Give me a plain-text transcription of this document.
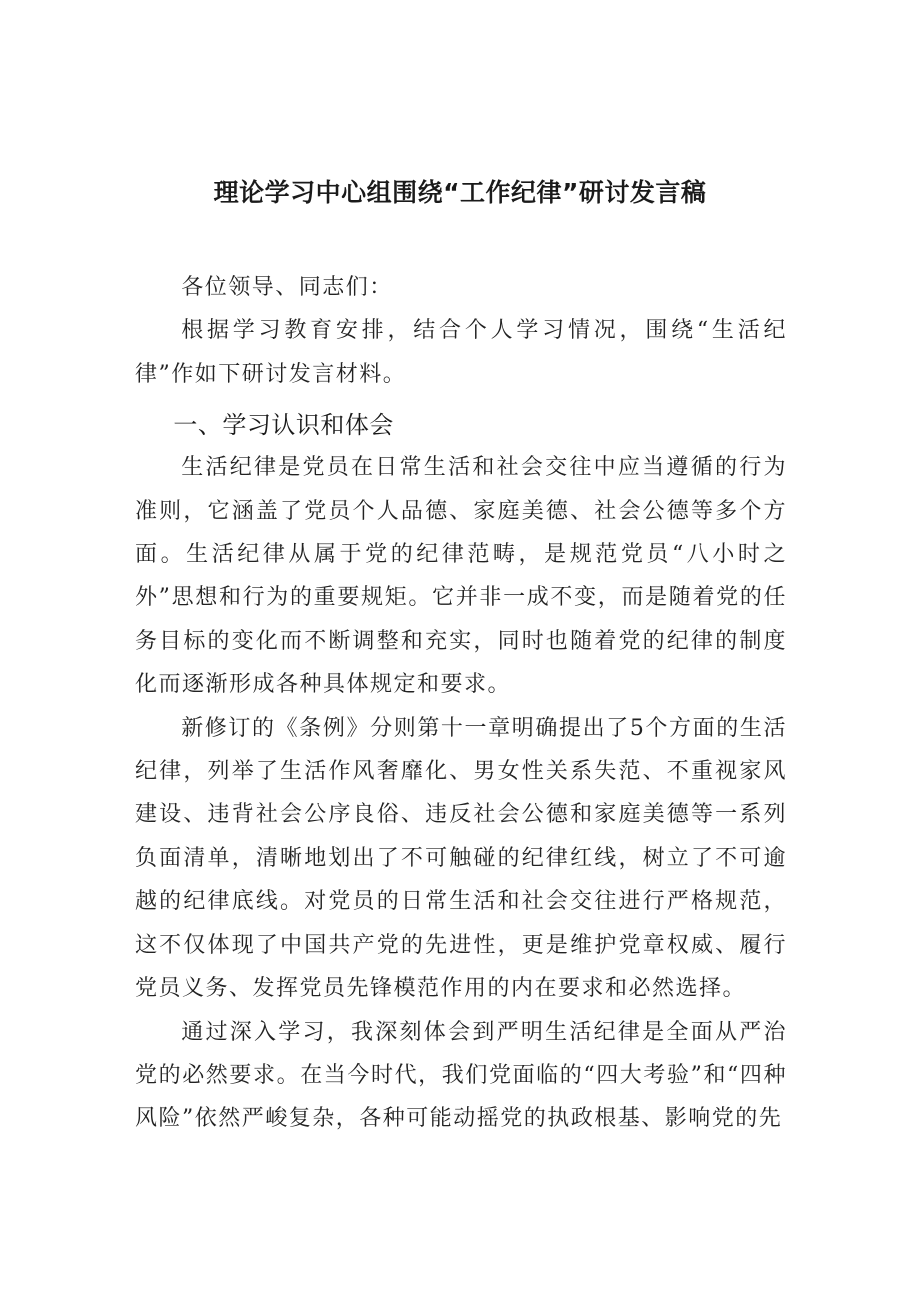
理论学习中心组围绕“工作纪律”研讨发言稿

各位领导、同志们：

根据学习教育安排，结合个人学习情况，围绕“生活纪律”作如下研讨发言材料。

一、学习认识和体会

生活纪律是党员在日常生活和社会交往中应当遵循的行为准则，它涵盖了党员个人品德、家庭美德、社会公德等多个方面。生活纪律从属于党的纪律范畴，是规范党员“八小时之外”思想和行为的重要规矩。它并非一成不变，而是随着党的任务目标的变化而不断调整和充实，同时也随着党的纪律的制度化而逐渐形成各种具体规定和要求。

新修订的《条例》分则第十一章明确提出了5个方面的生活纪律，列举了生活作风奢靡化、男女性关系失范、不重视家风建设、违背社会公序良俗、违反社会公德和家庭美德等一系列负面清单，清晰地划出了不可触碰的纪律红线，树立了不可逾越的纪律底线。对党员的日常生活和社会交往进行严格规范，这不仅体现了中国共产党的先进性，更是维护党章权威、履行党员义务、发挥党员先锋模范作用的内在要求和必然选择。

通过深入学习，我深刻体会到严明生活纪律是全面从严治党的必然要求。在当今时代，我们党面临的“四大考验”和“四种风险”依然严峻复杂，各种可能动摇党的执政根基、影响党的先
